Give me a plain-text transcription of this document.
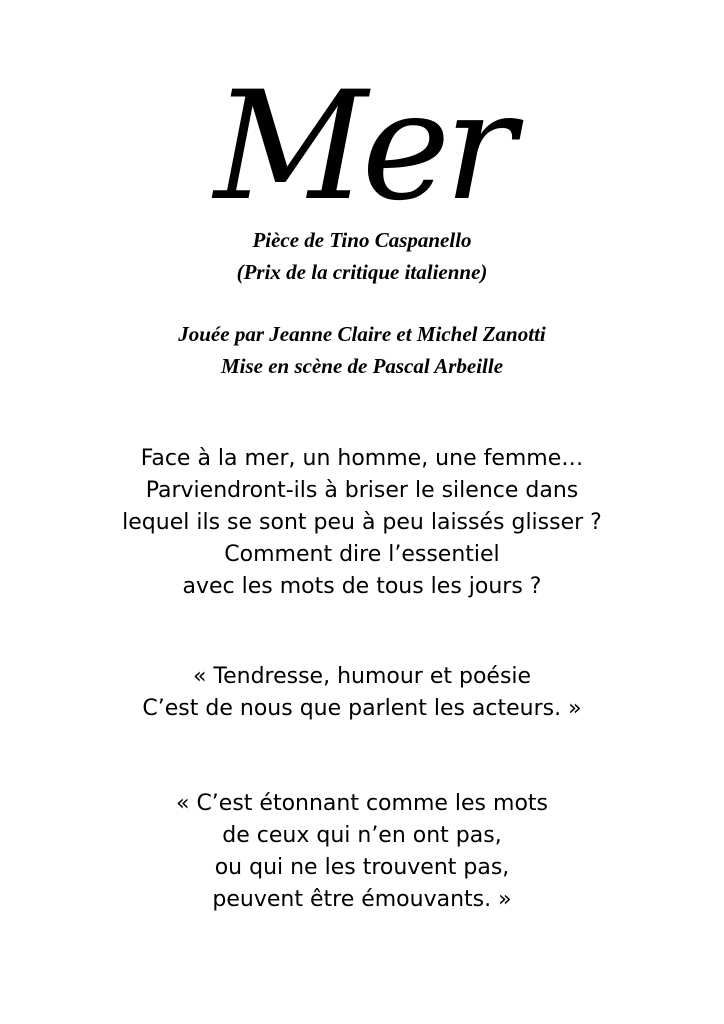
Mer
Pièce de Tino Caspanello
(Prix de la critique italienne)
Jouée par Jeanne Claire et Michel Zanotti
Mise en scène de Pascal Arbeille
Face à la mer, un homme, une femme…
Parviendront-ils à briser le silence dans
lequel ils se sont peu à peu laissés glisser ?
Comment dire l’essentiel
avec les mots de tous les jours ?
« Tendresse, humour et poésie
C’est de nous que parlent les acteurs. »
« C’est étonnant comme les mots
de ceux qui n’en ont pas,
ou qui ne les trouvent pas,
peuvent être émouvants. »
